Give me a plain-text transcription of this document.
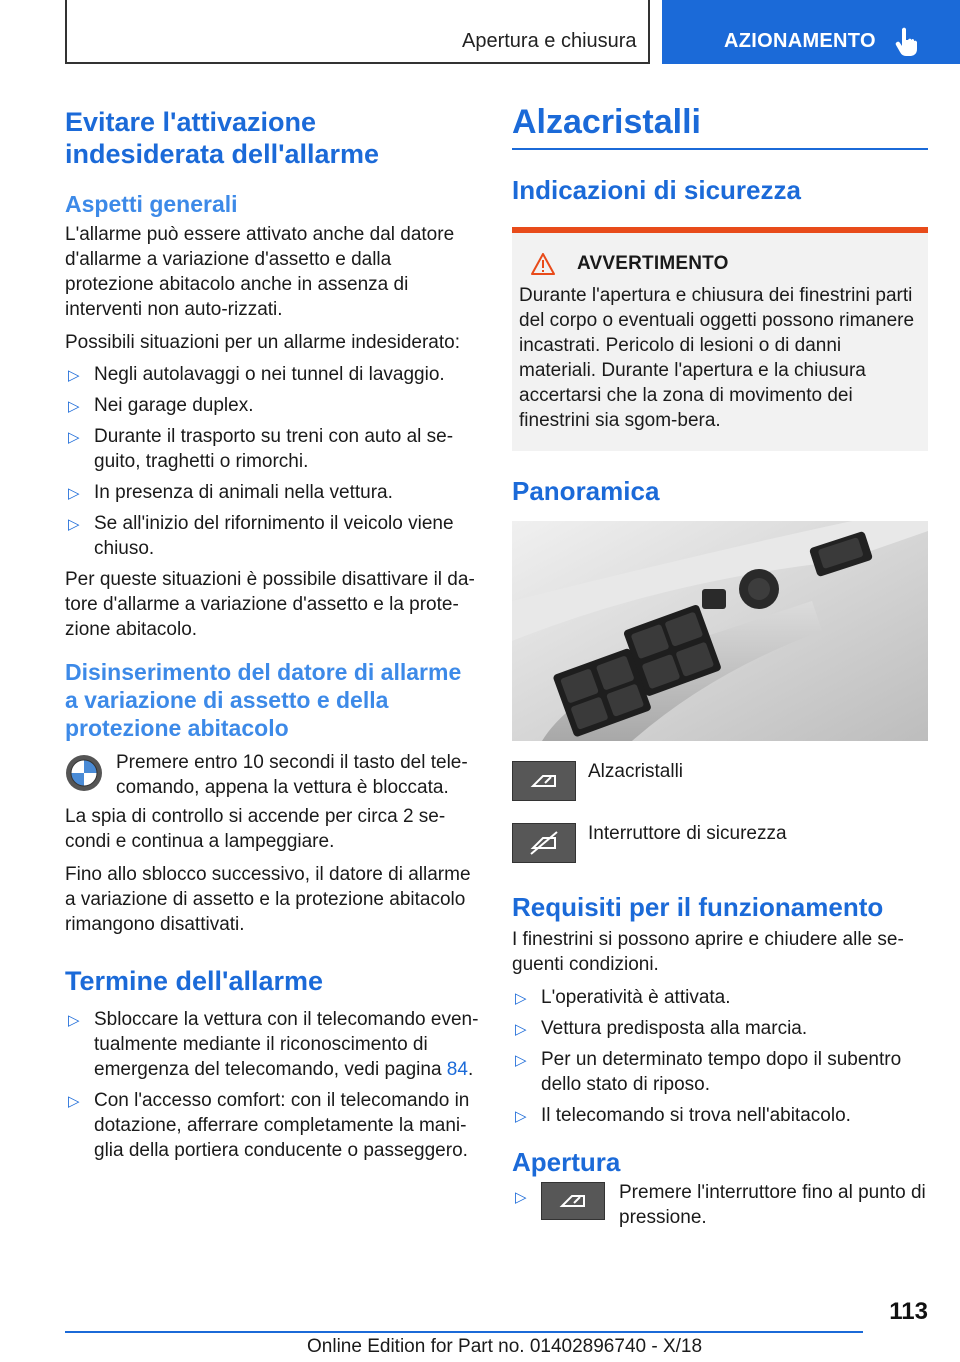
Apertura e chiusura	AZIONAMENTO
Evitare l'attivazione indesiderata dell'allarme
Aspetti generali

L'allarme può essere attivato anche dal datore d'allarme a variazione d'assetto e dalla protezione abitacolo anche in assenza di interventi non auto-rizzati.

Possibili situazioni per un allarme indesiderato:

▷ Negli autolavaggi o nei tunnel di lavaggio.
▷ Nei garage duplex.
▷ Durante il trasporto su treni con auto al se-guito, traghetti o rimorchi.
▷ In presenza di animali nella vettura.
▷ Se all'inizio del rifornimento il veicolo viene chiuso.

Per queste situazioni è possibile disattivare il da-tore d'allarme a variazione d'assetto e la prote-zione abitacolo.

Disinserimento del datore di allarme a variazione di assetto e della protezione abitacolo

Premere entro 10 secondi il tasto del tele-comando, appena la vettura è bloccata.

La spia di controllo si accende per circa 2 se-condi e continua a lampeggiare.

Fino allo sblocco successivo, il datore di allarme a variazione di assetto e la protezione abitacolo rimangono disattivati.

Termine dell'allarme
▷ Sbloccare la vettura con il telecomando even-tualmente mediante il riconoscimento di emergenza del telecomando, vedi pagina 84.
▷ Con l'accesso comfort: con il telecomando in dotazione, afferrare completamente la mani-glia della portiera conducente o passeggero.
Alzacristalli
Indicazioni di sicurezza
AVVERTIMENTO

Durante l'apertura e chiusura dei finestrini parti del corpo o eventuali oggetti possono rimanere incastrati. Pericolo di lesioni o di danni materiali. Durante l'apertura e la chiusura accertarsi che la zona di movimento dei finestrini sia sgom-bera.

Panoramica
Alzacristalli
Interruttore di sicurezza
Requisiti per il funzionamento

I finestrini si possono aprire e chiudere alle se-guenti condizioni.

▷ L'operatività è attivata.
▷ Vettura predisposta alla marcia.
▷ Per un determinato tempo dopo il subentro dello stato di riposo.
▷ Il telecomando si trova nell'abitacolo.
Apertura
▷	Premere l'interruttore fino al punto di pressione.
113
Online Edition for Part no. 01402896740 - X/18
